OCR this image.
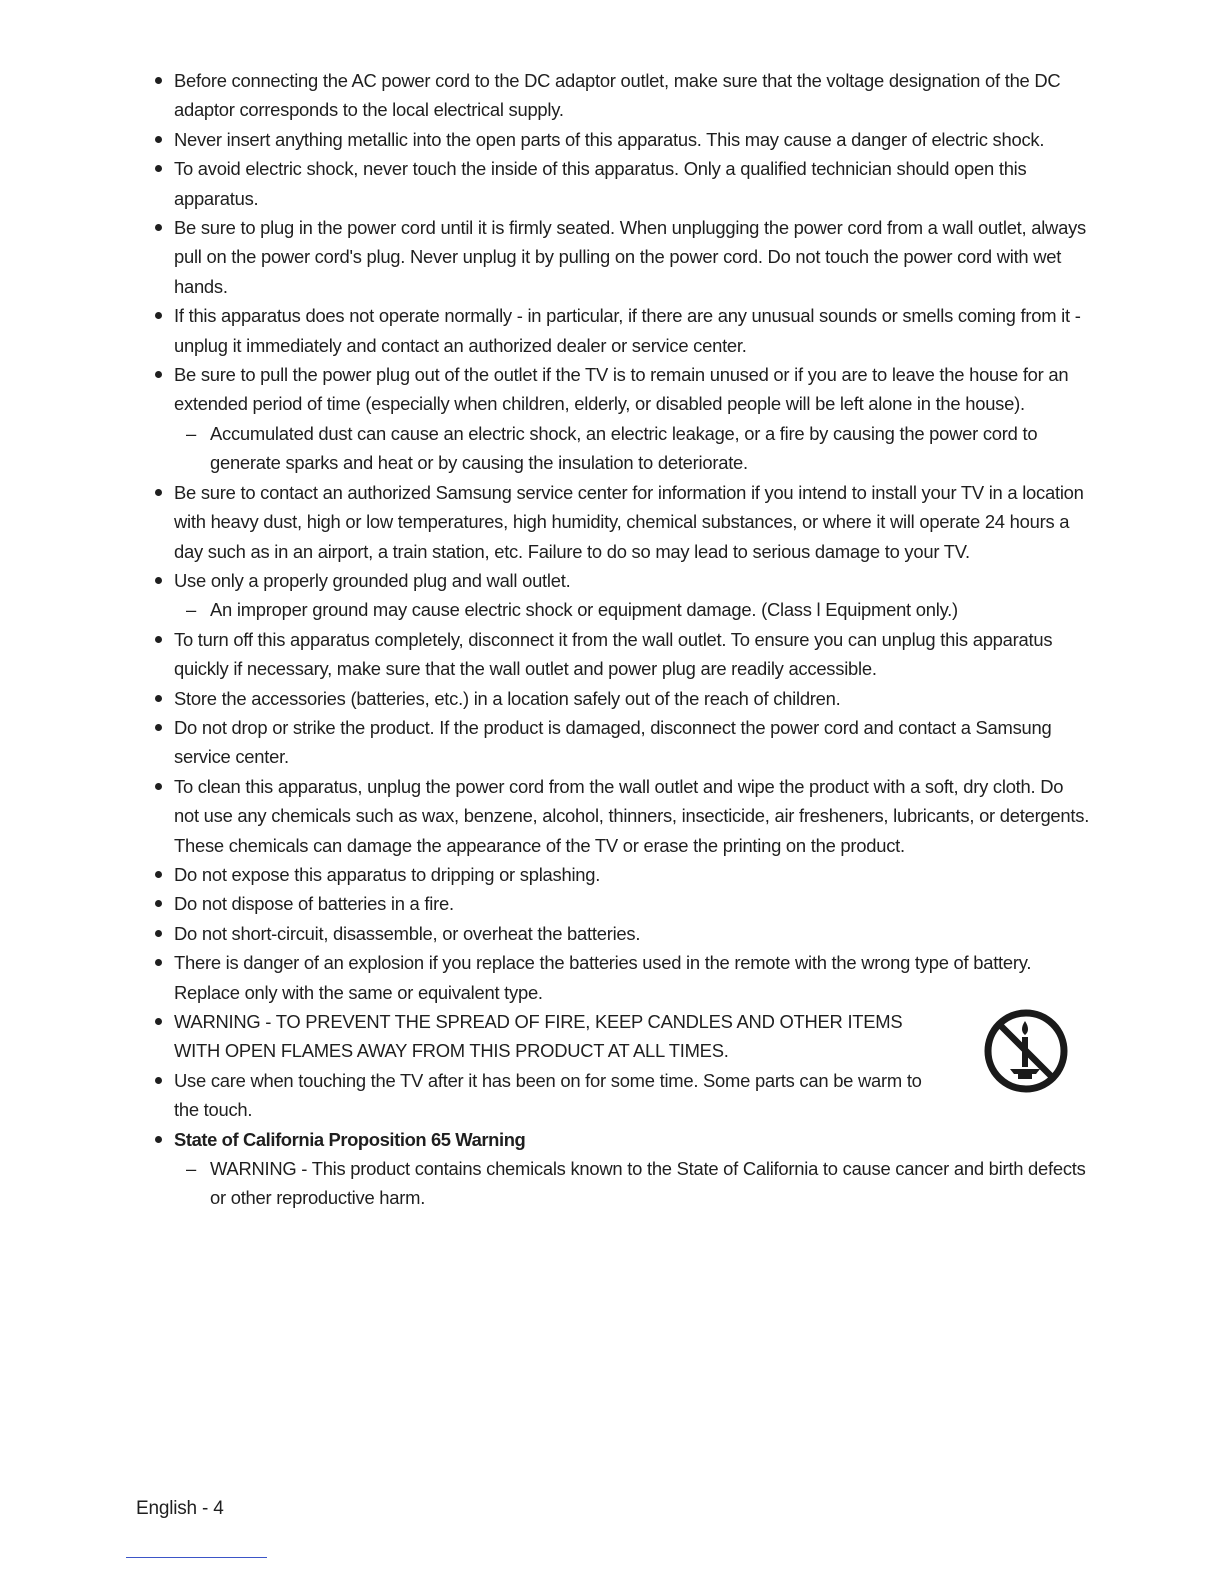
Before connecting the AC power cord to the DC adaptor outlet, make sure that the voltage designation of the DC adaptor corresponds to the local electrical supply.
Never insert anything metallic into the open parts of this apparatus. This may cause a danger of electric shock.
To avoid electric shock, never touch the inside of this apparatus. Only a qualified technician should open this apparatus.
Be sure to plug in the power cord until it is firmly seated. When unplugging the power cord from a wall outlet, always pull on the power cord's plug. Never unplug it by pulling on the power cord. Do not touch the power cord with wet hands.
If this apparatus does not operate normally - in particular, if there are any unusual sounds or smells coming from it - unplug it immediately and contact an authorized dealer or service center.
Be sure to pull the power plug out of the outlet if the TV is to remain unused or if you are to leave the house for an extended period of time (especially when children, elderly, or disabled people will be left alone in the house).
– Accumulated dust can cause an electric shock, an electric leakage, or a fire by causing the power cord to generate sparks and heat or by causing the insulation to deteriorate.
Be sure to contact an authorized Samsung service center for information if you intend to install your TV in a location with heavy dust, high or low temperatures, high humidity, chemical substances, or where it will operate 24 hours a day such as in an airport, a train station, etc. Failure to do so may lead to serious damage to your TV.
Use only a properly grounded plug and wall outlet.
– An improper ground may cause electric shock or equipment damage. (Class l Equipment only.)
To turn off this apparatus completely, disconnect it from the wall outlet. To ensure you can unplug this apparatus quickly if necessary, make sure that the wall outlet and power plug are readily accessible.
Store the accessories (batteries, etc.) in a location safely out of the reach of children.
Do not drop or strike the product. If the product is damaged, disconnect the power cord and contact a Samsung service center.
To clean this apparatus, unplug the power cord from the wall outlet and wipe the product with a soft, dry cloth. Do not use any chemicals such as wax, benzene, alcohol, thinners, insecticide, air fresheners, lubricants, or detergents. These chemicals can damage the appearance of the TV or erase the printing on the product.
Do not expose this apparatus to dripping or splashing.
Do not dispose of batteries in a fire.
Do not short-circuit, disassemble, or overheat the batteries.
There is danger of an explosion if you replace the batteries used in the remote with the wrong type of battery. Replace only with the same or equivalent type.
WARNING - TO PREVENT THE SPREAD OF FIRE, KEEP CANDLES AND OTHER ITEMS WITH OPEN FLAMES AWAY FROM THIS PRODUCT AT ALL TIMES.
Use care when touching the TV after it has been on for some time. Some parts can be warm to the touch.
State of California Proposition 65 Warning
– WARNING - This product contains chemicals known to the State of California to cause cancer and birth defects or other reproductive harm.
English - 4
